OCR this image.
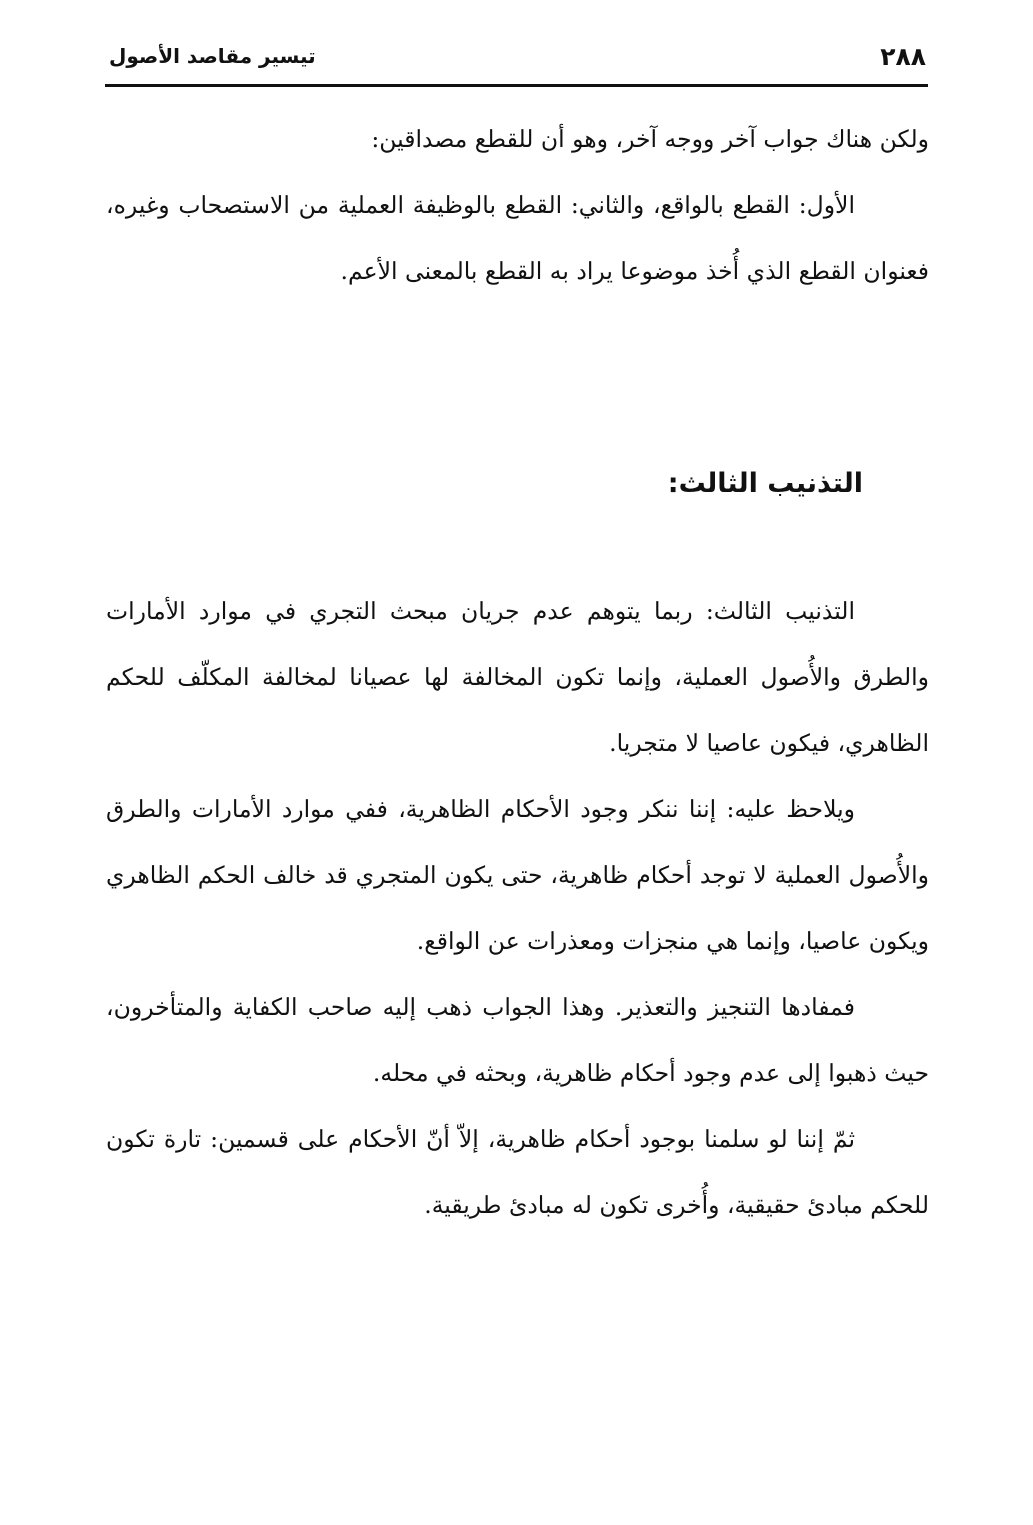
٢٨٨
تيسير مقاصد الأصول

ولكن هناك جواب آخر ووجه آخر، وهو أن للقطع مصداقين:

الأول: القطع بالواقع، والثاني: القطع بالوظيفة العملية من الاستصحاب وغيره، فعنوان القطع الذي أُخذ موضوعا يراد به القطع بالمعنى الأعم.

التذنيب الثالث:

التذنيب الثالث: ربما يتوهم عدم جريان مبحث التجري في موارد الأمارات والطرق والأُصول العملية، وإنما تكون المخالفة لها عصيانا لمخالفة المكلّف للحكم الظاهري، فيكون عاصيا لا متجريا.

ويلاحظ عليه: إننا ننكر وجود الأحكام الظاهرية، ففي موارد الأمارات والطرق والأُصول العملية لا توجد أحكام ظاهرية، حتى يكون المتجري قد خالف الحكم الظاهري ويكون عاصيا، وإنما هي منجزات ومعذرات عن الواقع.

فمفادها التنجيز والتعذير. وهذا الجواب ذهب إليه صاحب الكفاية والمتأخرون، حيث ذهبوا إلى عدم وجود أحكام ظاهرية، وبحثه في محله.

ثمّ إننا لو سلمنا بوجود أحكام ظاهرية، إلاّ أنّ الأحكام على قسمين: تارة تكون للحكم مبادئ حقيقية، وأُخرى تكون له مبادئ طريقية.
